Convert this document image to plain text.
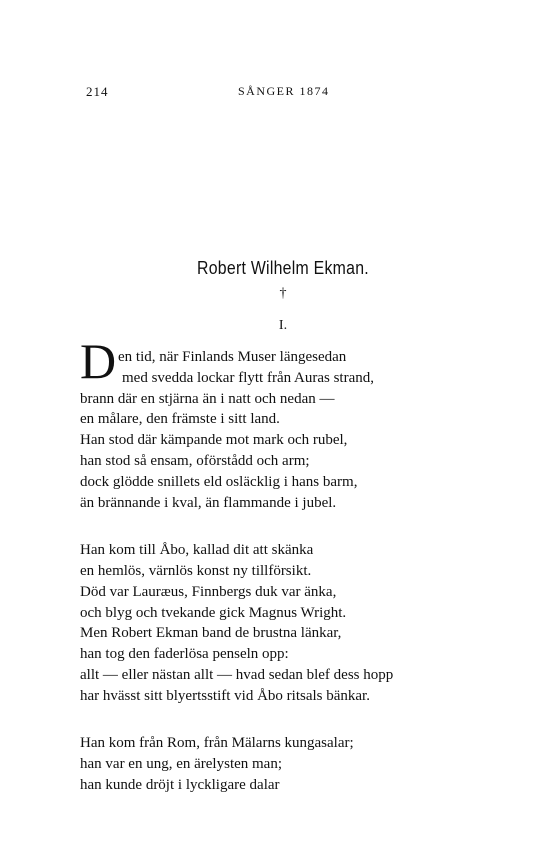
214	SÅNGER 1874
Robert Wilhelm Ekman.
†
I.
D en tid, när Finlands Muser längesedan
med svedda lockar flytt från Auras strand,
brann där en stjärna än i natt och nedan —
en målare, den främste i sitt land.
Han stod där kämpande mot mark och rubel,
han stod så ensam, oförstådd och arm;
dock glödde snillets eld osläcklig i hans barm,
än brännande i kval, än flammande i jubel.
Han kom till Åbo, kallad dit att skänka
en hemlös, värnlös konst ny tillförsikt.
Död var Lauræus, Finnbergs duk var änka,
och blyg och tvekande gick Magnus Wright.
Men Robert Ekman band de brustna länkar,
han tog den faderlösa penseln opp:
allt — eller nästan allt — hvad sedan blef dess hopp
har hvässt sitt blyertsstift vid Åbo ritsals bänkar.
Han kom från Rom, från Mälarns kungasalar;
han var en ung, en ärelysten man;
han kunde dröjt i lyckligare dalar
